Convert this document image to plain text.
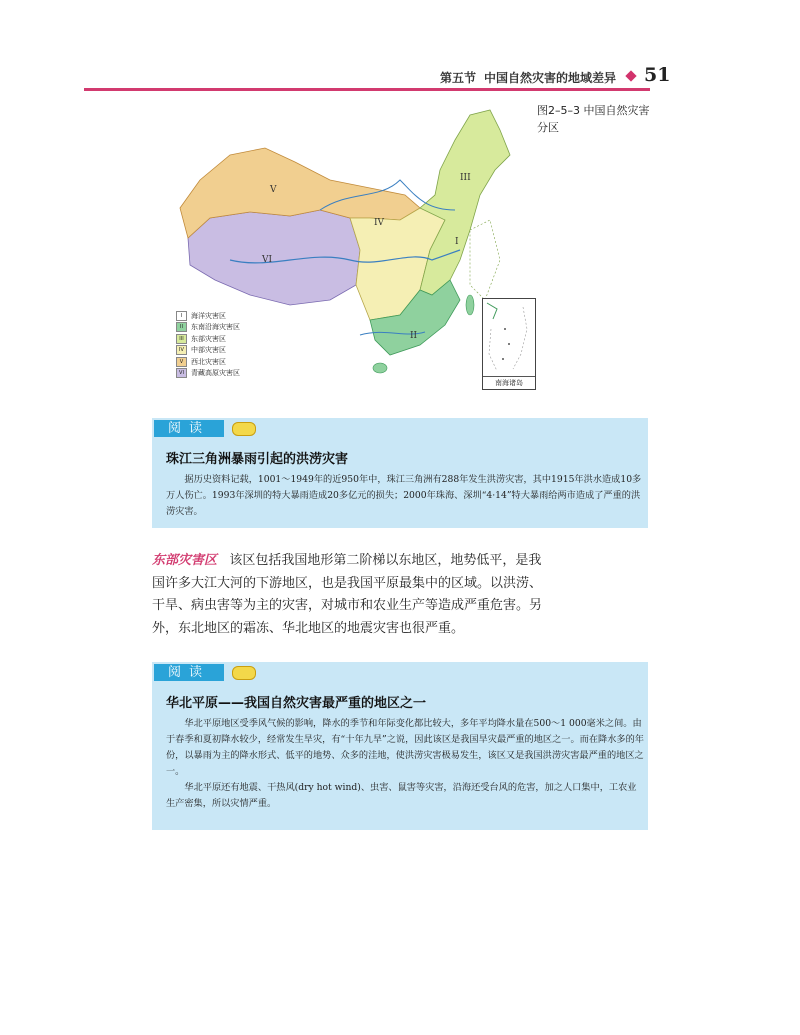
第五节 中国自然灾害的地域差异 51
V
VI
IV
III
II
I
南海诸岛
图2–5–3 中国自然灾害分区
I	海洋灾害区
II	东南沿海灾害区
III	东部灾害区
IV	中部灾害区
V	西北灾害区
VI	青藏高原灾害区
阅读
珠江三角洲暴雨引起的洪涝灾害

据历史资料记载，1001～1949年的近950年中，珠江三角洲有288年发生洪涝灾害，其中1915年洪水造成10多万人伤亡。1993年深圳的特大暴雨造成20多亿元的损失；2000年珠海、深圳“4·14”特大暴雨给两市造成了严重的洪涝灾害。

东部灾害区 该区包括我国地形第二阶梯以东地区，地势低平，是我国许多大江大河的下游地区，也是我国平原最集中的区域。以洪涝、干旱、病虫害等为主的灾害，对城市和农业生产等造成严重危害。另外，东北地区的霜冻、华北地区的地震灾害也很严重。
阅读
华北平原——我国自然灾害最严重的地区之一

华北平原地区受季风气候的影响，降水的季节和年际变化都比较大，多年平均降水量在500～1 000毫米之间。由于春季和夏初降水较少，经常发生旱灾，有“十年九旱”之说，因此该区是我国旱灾最严重的地区之一。而在降水多的年份，以暴雨为主的降水形式、低平的地势、众多的洼地，使洪涝灾害极易发生，该区又是我国洪涝灾害最严重的地区之一。

华北平原还有地震、干热风(dry hot wind)、虫害、鼠害等灾害，沿海还受台风的危害，加之人口集中，工农业生产密集，所以灾情严重。
